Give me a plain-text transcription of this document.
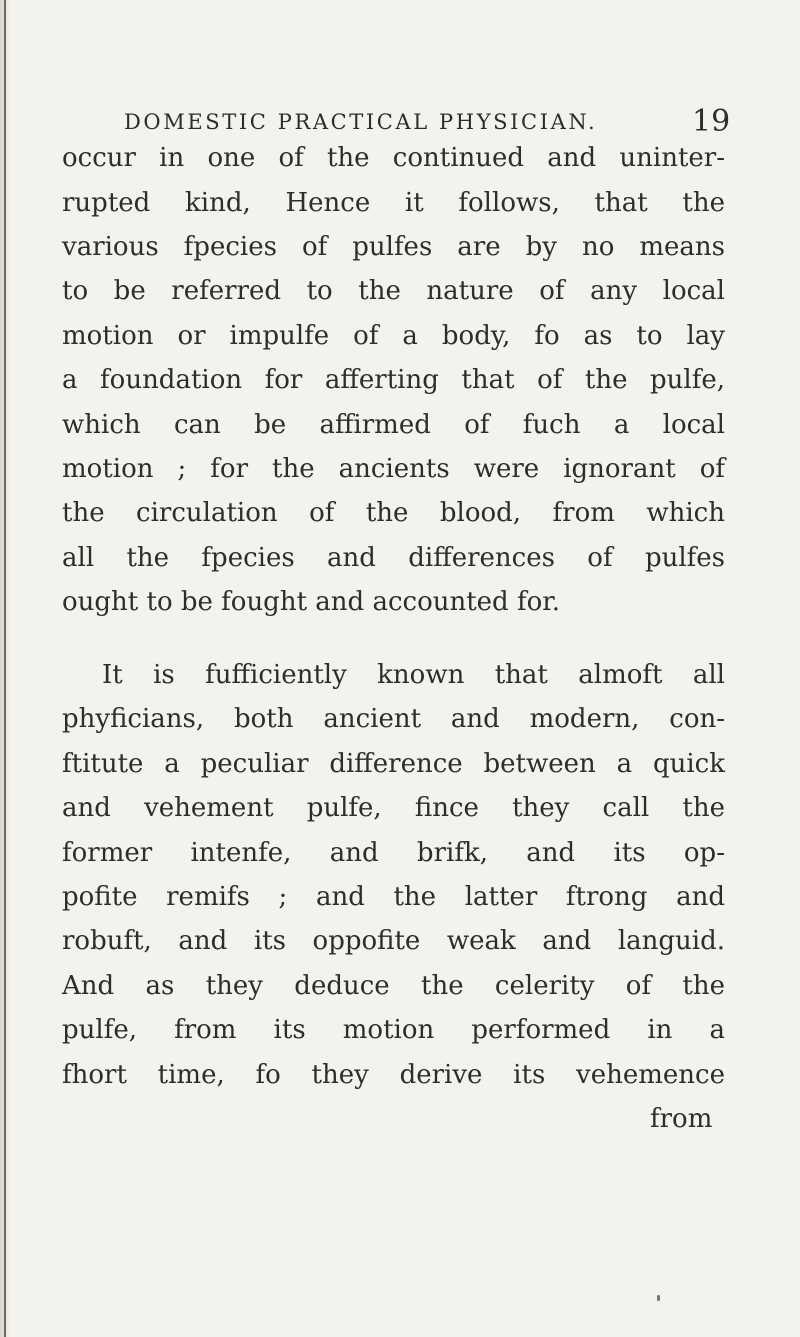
DOMESTIC PRACTICAL PHYSICIAN.	19
occur in one of the continued and uninter-
rupted kind, Hence it follows, that the
various fpecies of pulfes are by no means
to be referred to the nature of any local
motion or impulfe of a body, fo as to lay
a foundation for afferting that of the pulfe,
which can be affirmed of fuch a local
motion ; for the ancients were ignorant of
the circulation of the blood, from which
all the fpecies and differences of pulfes
ought to be fought and accounted for.
It is fufficiently known that almoft all
phyficians, both ancient and modern, con-
ftitute a peculiar difference between a quick
and vehement pulfe, fince they call the
former intenfe, and brifk, and its op-
pofite remifs ; and the latter ftrong and
robuft, and its oppofite weak and languid.
And as they deduce the celerity of the
pulfe, from its motion performed in a
fhort time, fo they derive its vehemence
from
